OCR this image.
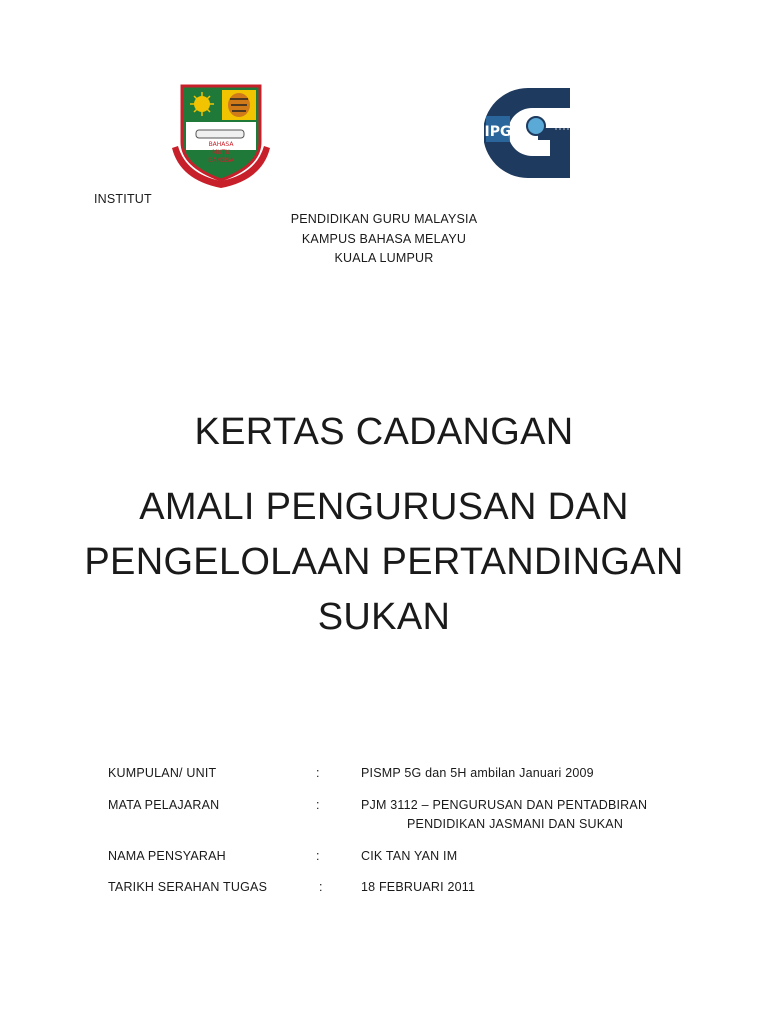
BAHASA
MUTU
BANGSA
IPG
INSTITUT
PENDIDIKAN GURU MALAYSIA
KAMPUS BAHASA MELAYU
KUALA LUMPUR
KERTAS CADANGAN
AMALI PENGURUSAN DAN
PENGELOLAAN PERTANDINGAN
SUKAN
KUMPULAN/ UNIT	:	PISMP 5G dan 5H ambilan Januari 2009
MATA PELAJARAN	:	PJM 3112 – PENGURUSAN DAN PENTADBIRAN
PENDIDIKAN JASMANI DAN SUKAN
NAMA PENSYARAH	:	CIK TAN YAN IM
TARIKH SERAHAN TUGAS	:	18 FEBRUARI 2011
